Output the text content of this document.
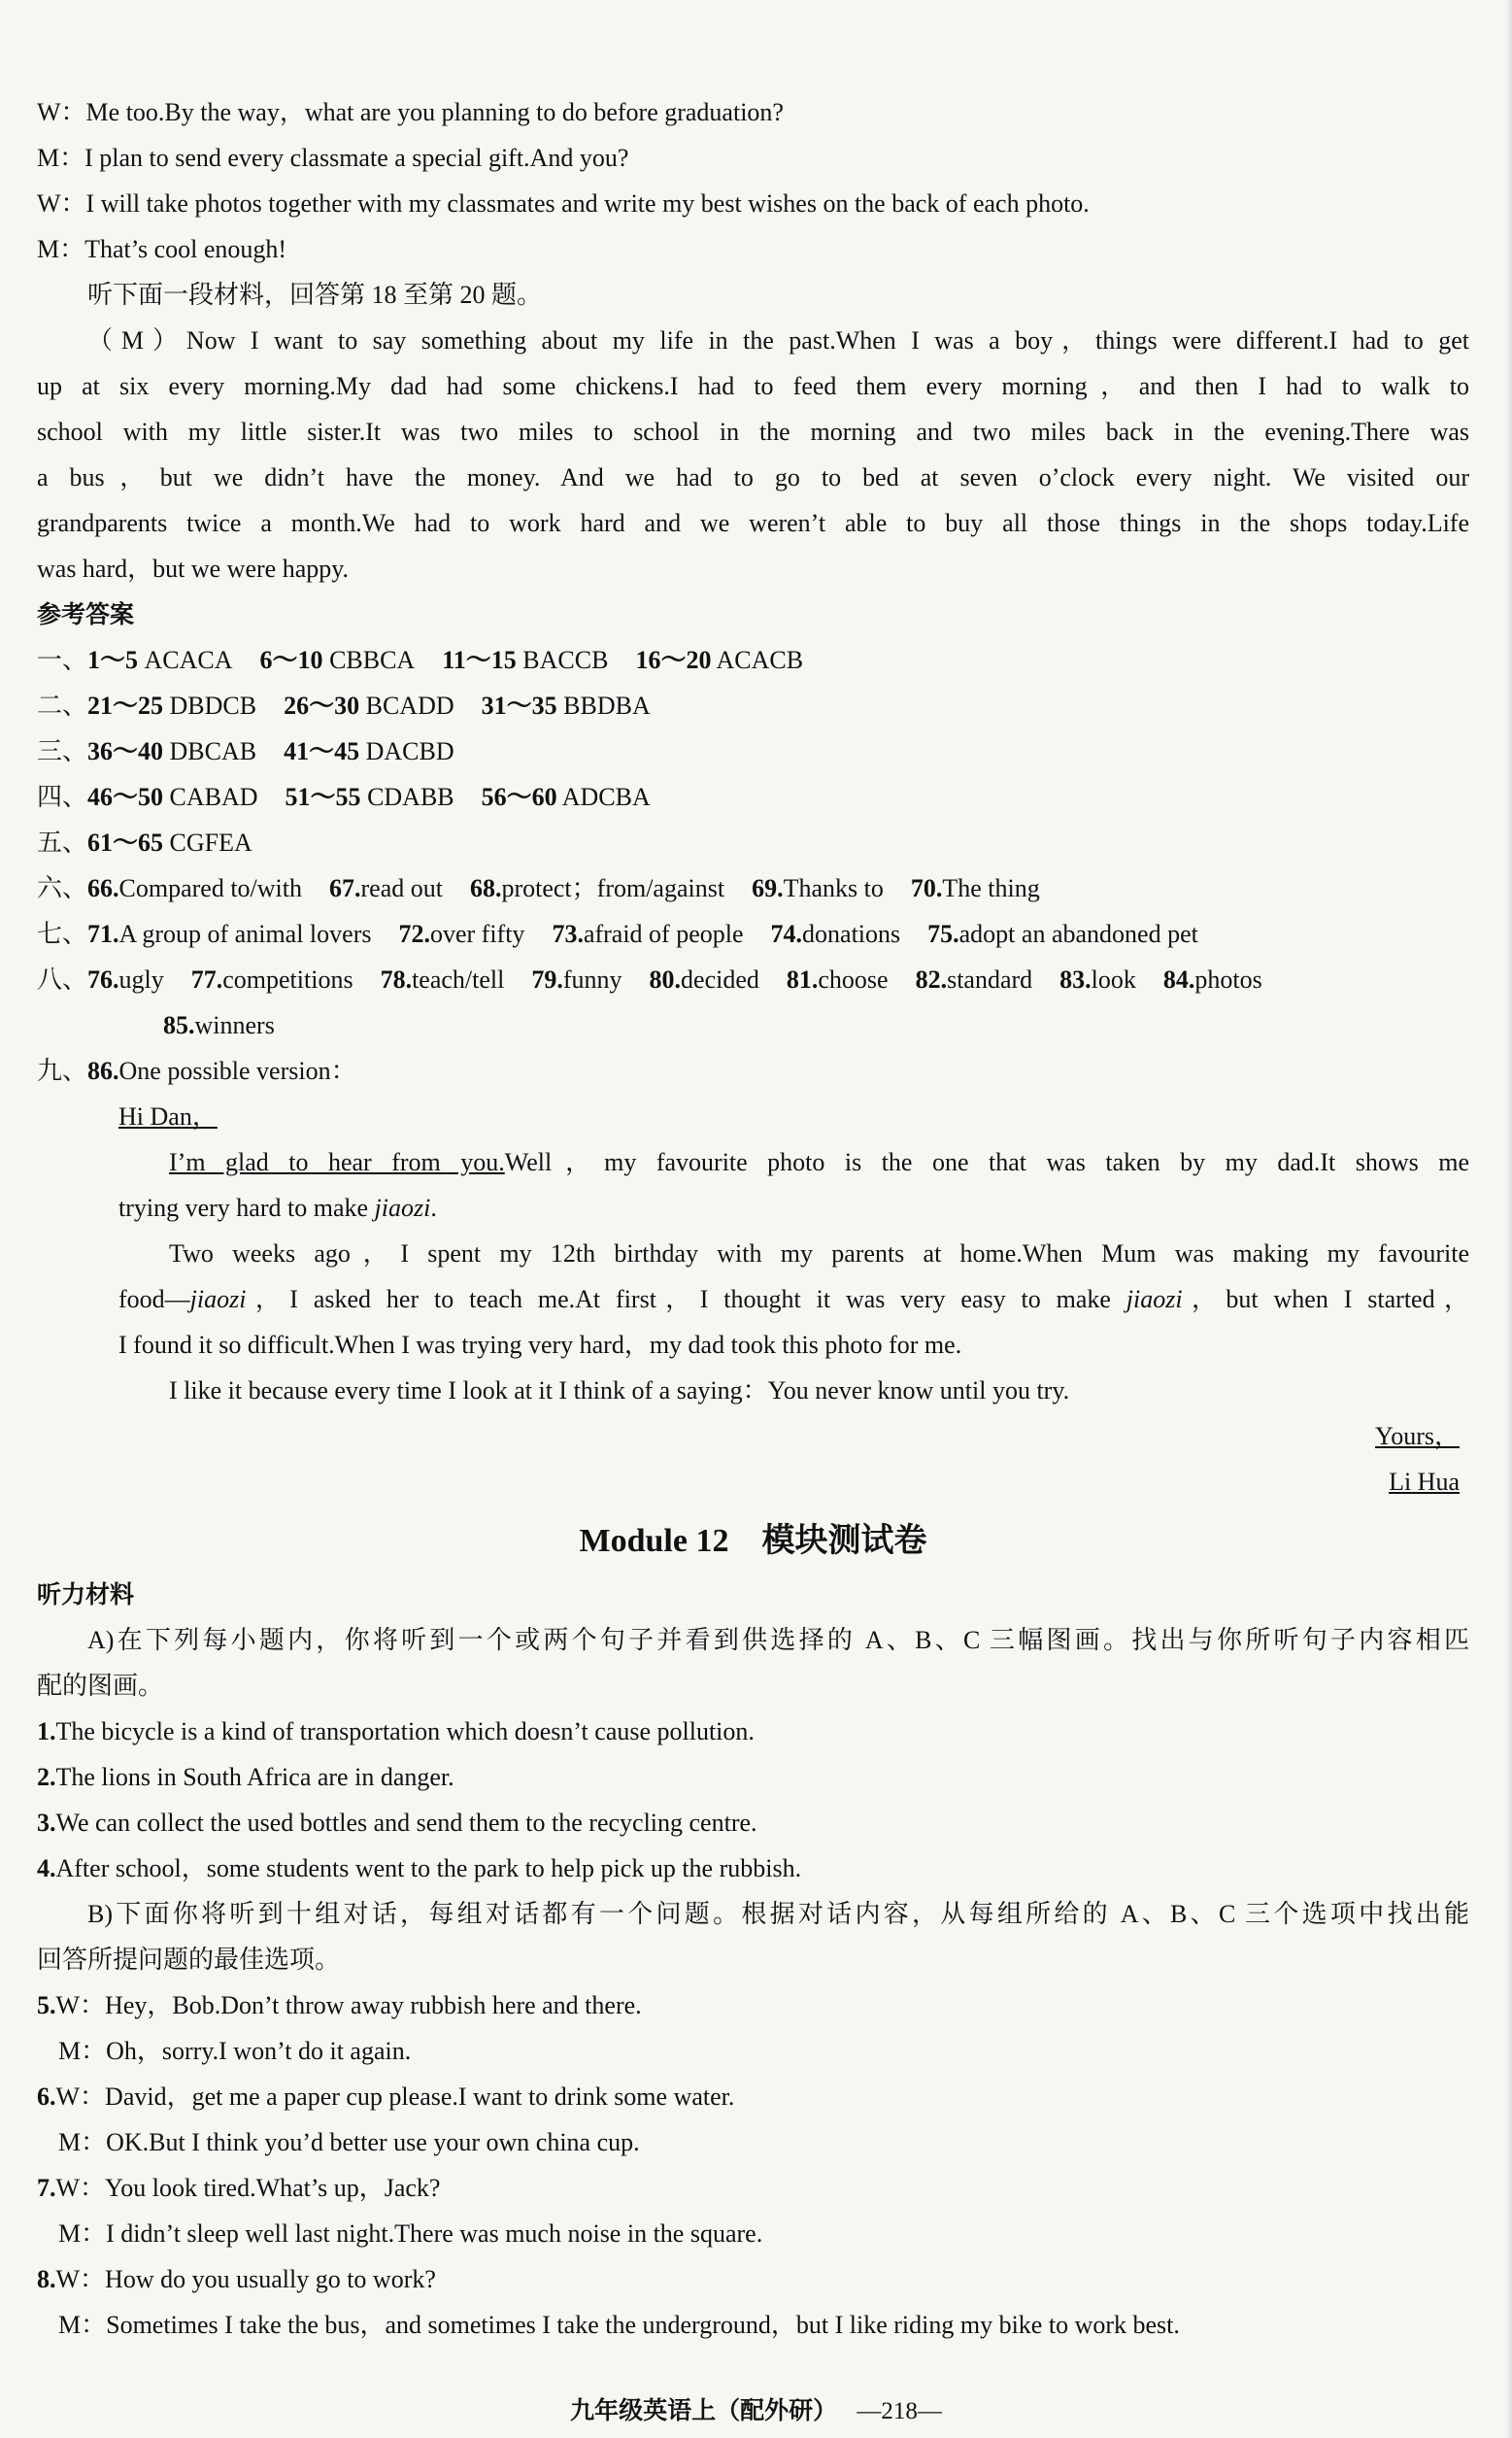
W：Me too.By the way，what are you planning to do before graduation?
M：I plan to send every classmate a special gift.And you?
W：I will take photos together with my classmates and write my best wishes on the back of each photo.
M：That’s cool enough!
听下面一段材料，回答第 18 至第 20 题。
（M）Now I want to say something about my life in the past.When I was a boy，things were different.I had to get
up at six every morning.My dad had some chickens.I had to feed them every morning，and then I had to walk to
school with my little sister.It was two miles to school in the morning and two miles back in the evening.There was
a bus，but we didn’t have the money. And we had to go to bed at seven o’clock every night. We visited our
grandparents twice a month.We had to work hard and we weren’t able to buy all those things in the shops today.Life
was hard，but we were happy.
参考答案
一、1～5 ACACA 6～10 CBBCA 11～15 BACCB 16～20 ACACB
二、21～25 DBDCB 26～30 BCADD 31～35 BBDBA
三、36～40 DBCAB 41～45 DACBD
四、46～50 CABAD 51～55 CDABB 56～60 ADCBA
五、61～65 CGFEA
六、66.Compared to/with 67.read out 68.protect；from/against 69.Thanks to 70.The thing
七、71.A group of animal lovers 72.over fifty 73.afraid of people 74.donations 75.adopt an abandoned pet
八、76.ugly 77.competitions 78.teach/tell 79.funny 80.decided 81.choose 82.standard 83.look 84.photos
85.winners
九、86.One possible version：
Hi Dan，
I’m glad to hear from you.Well，my favourite photo is the one that was taken by my dad.It shows me
trying very hard to make jiaozi.
Two weeks ago，I spent my 12th birthday with my parents at home.When Mum was making my favourite
food—jiaozi，I asked her to teach me.At first，I thought it was very easy to make jiaozi，but when I started，
I found it so difficult.When I was trying very hard，my dad took this photo for me.
I like it because every time I look at it I think of a saying：You never know until you try.
Yours，
Li Hua
Module 12 模块测试卷
听力材料
A)在下列每小题内，你将听到一个或两个句子并看到供选择的 A、B、C 三幅图画。找出与你所听句子内容相匹
配的图画。
1.The bicycle is a kind of transportation which doesn’t cause pollution.
2.The lions in South Africa are in danger.
3.We can collect the used bottles and send them to the recycling centre.
4.After school，some students went to the park to help pick up the rubbish.
B)下面你将听到十组对话，每组对话都有一个问题。根据对话内容，从每组所给的 A、B、C 三个选项中找出能
回答所提问题的最佳选项。
5.W：Hey，Bob.Don’t throw away rubbish here and there.
M：Oh，sorry.I won’t do it again.
6.W：David，get me a paper cup please.I want to drink some water.
M：OK.But I think you’d better use your own china cup.
7.W：You look tired.What’s up，Jack?
M：I didn’t sleep well last night.There was much noise in the square.
8.W：How do you usually go to work?
M：Sometimes I take the bus，and sometimes I take the underground，but I like riding my bike to work best.
九年级英语上（配外研） —218—
